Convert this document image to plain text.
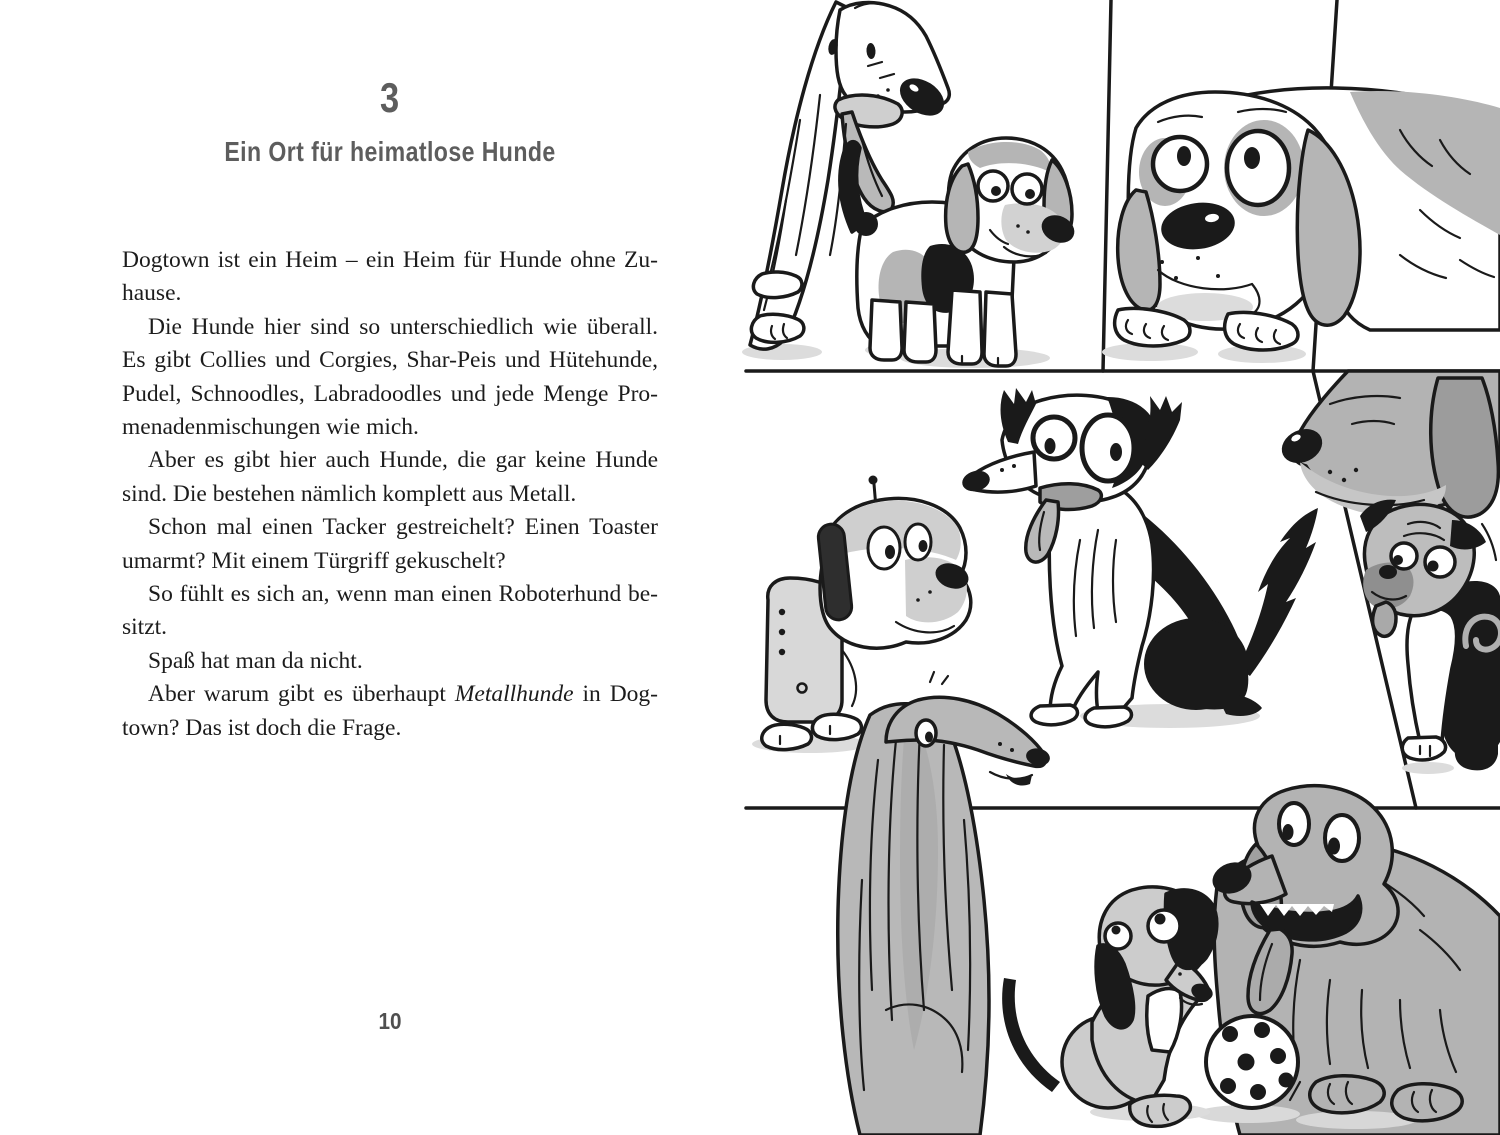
3
Ein Ort für heimatlose Hunde
Dogtown ist ein Heim – ein Heim für Hunde ohne Zu-
hause.
Die Hunde hier sind so unterschiedlich wie überall.
Es gibt Collies und Corgies, Shar-Peis und Hütehunde,
Pudel, Schnoodles, Labradoodles und jede Menge Pro-
menadenmischungen wie mich.
Aber es gibt hier auch Hunde, die gar keine Hunde
sind. Die bestehen nämlich komplett aus Metall.
Schon mal einen Tacker gestreichelt? Einen Toaster
umarmt? Mit einem Türgriff gekuschelt?
So fühlt es sich an, wenn man einen Roboterhund be-
sitzt.
Spaß hat man da nicht.
Aber warum gibt es überhaupt Metallhunde in Dog-
town? Das ist doch die Frage.
10
